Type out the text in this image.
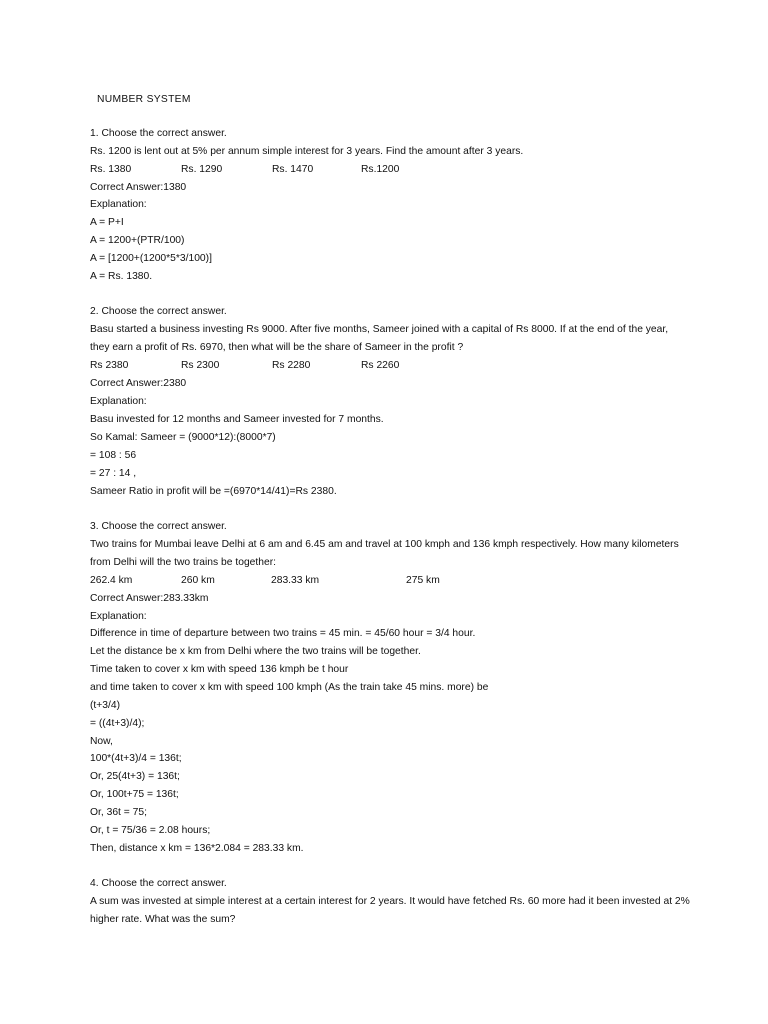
NUMBER SYSTEM
1. Choose the correct answer.
Rs. 1200 is lent out at 5% per annum simple interest for 3 years. Find the amount after 3 years.
Rs. 1380	Rs. 1290	Rs. 1470	Rs.1200
Correct Answer:1380
Explanation:
A = P+I
A = 1200+(PTR/100)
A = [1200+(1200*5*3/100)]
A = Rs. 1380.
2. Choose the correct answer.
Basu started a business investing Rs 9000. After five months, Sameer joined with a capital of Rs 8000. If at the end of the year,
they earn a profit of Rs. 6970, then what will be the share of Sameer in the profit ?
Rs 2380	Rs 2300	Rs 2280	Rs 2260
Correct Answer:2380
Explanation:
Basu invested for 12 months and Sameer invested for 7 months.
So Kamal: Sameer = (9000*12):(8000*7)
= 108 : 56
= 27 : 14 ,
Sameer Ratio in profit will be =(6970*14/41)=Rs 2380.
3. Choose the correct answer.
Two trains for Mumbai leave Delhi at 6 am and 6.45 am and travel at 100 kmph and 136 kmph respectively. How many kilometers
from Delhi will the two trains be together:
262.4 km	260 km	283.33 km	275 km
Correct Answer:283.33km
Explanation:
Difference in time of departure between two trains = 45 min. = 45/60 hour = 3/4 hour.
Let the distance be x km from Delhi where the two trains will be together.
Time taken to cover x km with speed 136 kmph be t hour
and time taken to cover x km with speed 100 kmph (As the train take 45 mins. more) be
(t+3/4)
= ((4t+3)/4);
Now,
100*(4t+3)/4 = 136t;
Or, 25(4t+3) = 136t;
Or, 100t+75 = 136t;
Or, 36t = 75;
Or, t = 75/36 = 2.08 hours;
Then, distance x km = 136*2.084 = 283.33 km.
4. Choose the correct answer.
A sum was invested at simple interest at a certain interest for 2 years. It would have fetched Rs. 60 more had it been invested at 2%
higher rate. What was the sum?
